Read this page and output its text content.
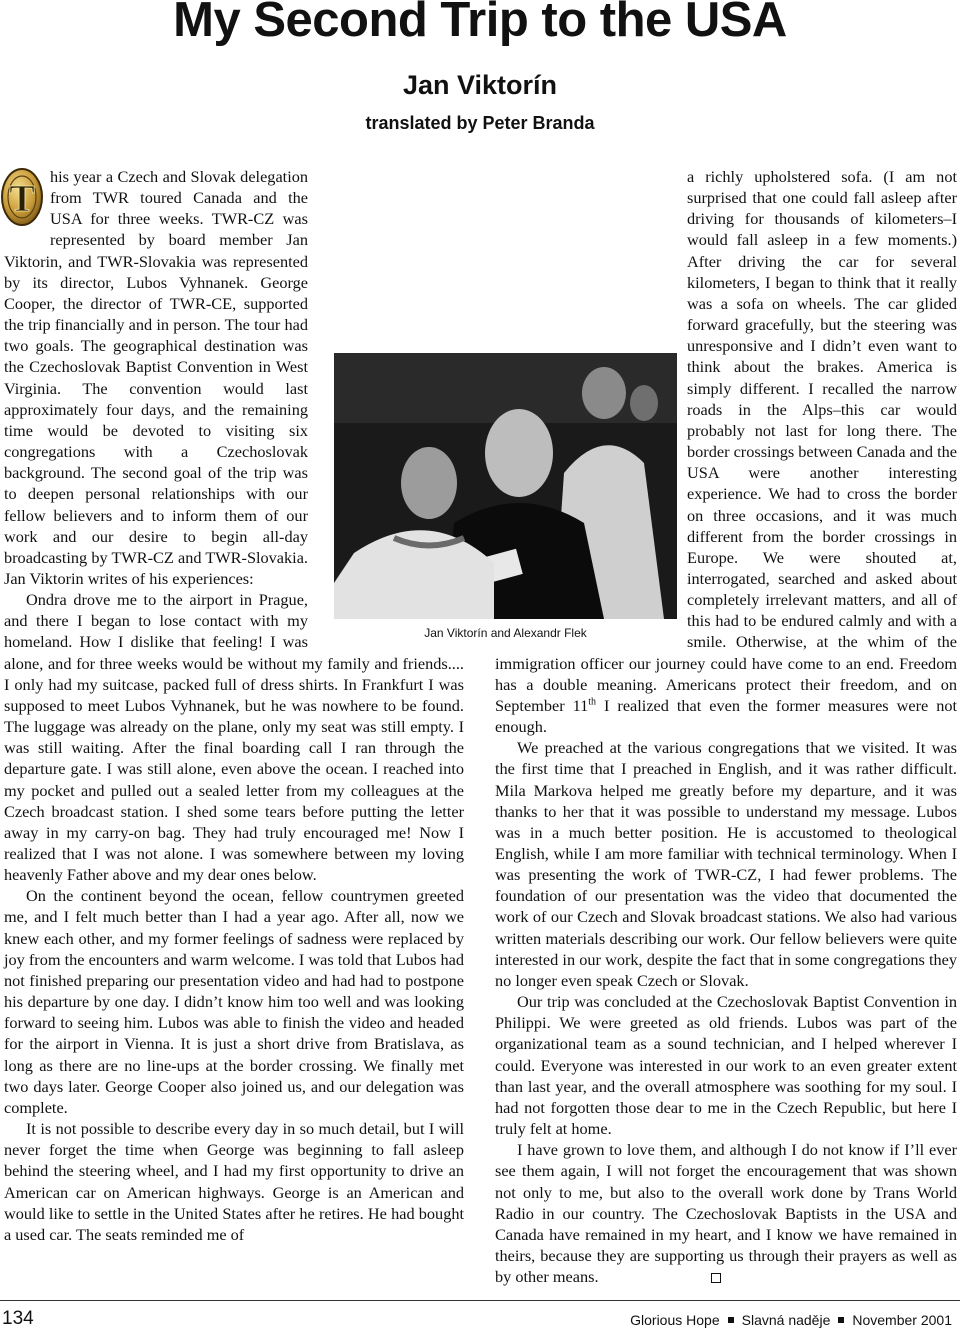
My Second Trip to the USA
Jan Viktorín
translated by Peter Branda
T

his year a Czech and Slovak delegation from TWR toured Canada and the USA for three weeks. TWR-CZ was represented by board member Jan Viktorin, and TWR-Slovakia was represented by its director, Lubos Vyhnanek. George Cooper, the director of TWR-CE, supported the trip financially and in person. The tour had two goals. The geographical destination was the Czechoslovak Baptist Convention in West Virginia. The convention would last approximately four days, and the remaining time would be devoted to visiting six congregations with a Czechoslovak background. The second goal of the trip was to deepen personal relationships with our fellow believers and to inform them of our work and our desire to begin all-day broadcasting by TWR-CZ and TWR-Slovakia. Jan Viktorin writes of his experiences:

Ondra drove me to the airport in Prague, and there I began to lose contact with my homeland. How I dislike that feeling! I was alone, and for three weeks would be without my family and friends.... I only had my suitcase, packed full of dress shirts. In Frankfurt I was supposed to meet Lubos Vyhnanek, but he was nowhere to be found. The luggage was already on the plane, only my seat was still empty. I was still waiting. After the final boarding call I ran through the departure gate. I was still alone, even above the ocean. I reached into my pocket and pulled out a sealed letter from my colleagues at the Czech broadcast station. I shed some tears before putting the letter away in my carry-on bag. They had truly encouraged me! Now I realized that I was not alone. I was somewhere between my loving heavenly Father above and my dear ones below.

On the continent beyond the ocean, fellow countrymen greeted me, and I felt much better than I had a year ago. After all, now we knew each other, and my former feelings of sadness were replaced by joy from the encounters and warm welcome. I was told that Lubos had not finished preparing our presentation video and had had to postpone his departure by one day. I didn’t know him too well and was looking forward to seeing him. Lubos was able to finish the video and headed for the airport in Vienna. It is just a short drive from Bratislava, as long as there are no line-ups at the border crossing. We finally met two days later. George Cooper also joined us, and our delegation was complete.

It is not possible to describe every day in so much detail, but I will never forget the time when George was beginning to fall asleep behind the steering wheel, and I had my first opportunity to drive an American car on American highways. George is an American and would like to settle in the United States after he retires. He had bought a used car. The seats reminded me of

a richly upholstered sofa. (I am not surprised that one could fall asleep after driving for thousands of kilometers–I would fall asleep in a few moments.) After driving the car for several kilometers, I began to think that it really was a sofa on wheels. The car glided forward gracefully, but the steering was unresponsive and I didn’t even want to think about the brakes. America is simply different. I recalled the narrow roads in the Alps–this car would probably not last for long there. The border crossings between Canada and the USA were another interesting experience. We had to cross the border on three occasions, and it was much different from the border crossings in Europe. We were shouted at, interrogated, searched and asked about completely irrelevant matters, and all of this had to be endured calmly and with a smile. Otherwise, at the whim of the immigration officer our journey could have come to an end. Freedom has a double meaning. Americans protect their freedom, and on September 11th I realized that even the former measures were not enough.

We preached at the various congregations that we visited. It was the first time that I preached in English, and it was rather difficult. Mila Markova helped me greatly before my departure, and it was thanks to her that it was possible to understand my message. Lubos was in a much better position. He is accustomed to theological English, while I am more familiar with technical terminology. When I was presenting the work of TWR-CZ, I had fewer problems. The foundation of our presentation was the video that documented the work of our Czech and Slovak broadcast stations. We also had various written materials describing our work. Our fellow believers were quite interested in our work, despite the fact that in some congregations they no longer even speak Czech or Slovak.

Our trip was concluded at the Czechoslovak Baptist Convention in Philippi. We were greeted as old friends. Lubos was part of the organizational team as a sound technician, and I helped wherever I could. Everyone was interested in our work to an even greater extent than last year, and the overall atmosphere was soothing for my soul. I had not forgotten those dear to me in the Czech Republic, but here I truly felt at home.

I have grown to love them, and although I do not know if I’ll ever see them again, I will not forget the encouragement that was shown not only to me, but also to the overall work done by Trans World Radio in our country. The Czechoslovak Baptists in the USA and Canada have remained in my heart, and I know we have remained in theirs, because they are supporting us through their prayers as well as by other means.

Jan Viktorín and Alexandr Flek
134	Glorious Hope Slavná naděje November 2001
